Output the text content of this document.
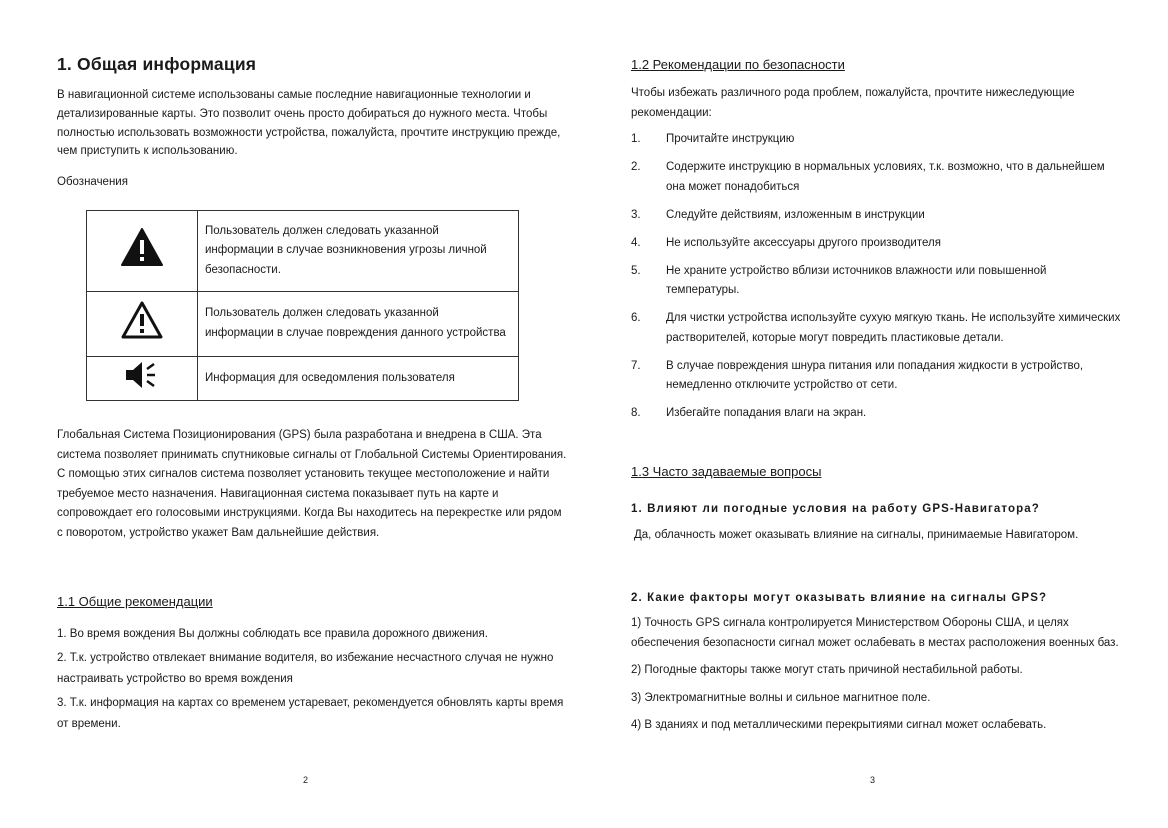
1. Общая информация
В навигационной системе использованы самые последние навигационные технологии и детализированные карты. Это позволит очень просто добираться до нужного места. Чтобы полностью использовать возможности устройства, пожалуйста, прочтите инструкцию прежде, чем приступить к использованию.
Обозначения
	Пользователь должен следовать указанной информации в случае возникновения угрозы личной безопасности.
	Пользователь должен следовать указанной информации в случае повреждения данного устройства
	Информация для осведомления пользователя
Глобальная Система Позиционирования (GPS) была разработана и внедрена в США. Эта система позволяет принимать спутниковые сигналы от Глобальной Системы Ориентирования. С помощью этих сигналов система позволяет установить текущее местоположение и найти требуемое место назначения. Навигационная система показывает путь на карте и сопровождает его голосовыми инструкциями. Когда Вы находитесь на перекрестке или рядом с поворотом, устройство укажет Вам дальнейшие действия.
1.1 Общие рекомендации

1. Во время вождения Вы должны соблюдать все правила дорожного движения.

2. Т.к. устройство отвлекает внимание водителя, во избежание несчастного случая не нужно настраивать устройство во время вождения

3. Т.к. информация на картах со временем устаревает, рекомендуется обновлять карты время от времени.

2
1.2 Рекомендации по безопасности
Чтобы избежать различного рода проблем, пожалуйста, прочтите нижеследующие рекомендации:
1. Прочитайте инструкцию
2. Содержите инструкцию в нормальных условиях, т.к. возможно, что в дальнейшем она может понадобиться
3. Следуйте действиям, изложенным в инструкции
4. Не используйте аксессуары другого производителя
5. Не храните устройство вблизи источников влажности или повышенной температуры.
6. Для чистки устройства используйте сухую мягкую ткань. Не используйте химических растворителей, которые могут повредить пластиковые детали.
7. В случае повреждения шнура питания или попадания жидкости в устройство, немедленно отключите устройство от сети.
8. Избегайте попадания влаги на экран.
1.3 Часто задаваемые вопросы
1. Влияют ли погодные условия на работу GPS-Навигатора?
Да, облачность может оказывать влияние на сигналы, принимаемые Навигатором.
2. Какие факторы могут оказывать влияние на сигналы GPS?

1) Точность GPS сигнала контролируется Министерством Обороны США, и целях обеспечения безопасности сигнал может ослабевать в местах расположения военных баз.

2) Погодные факторы также могут стать причиной нестабильной работы.

3) Электромагнитные волны и сильное магнитное поле.

4) В зданиях и под металлическими перекрытиями сигнал может ослабевать.

3
